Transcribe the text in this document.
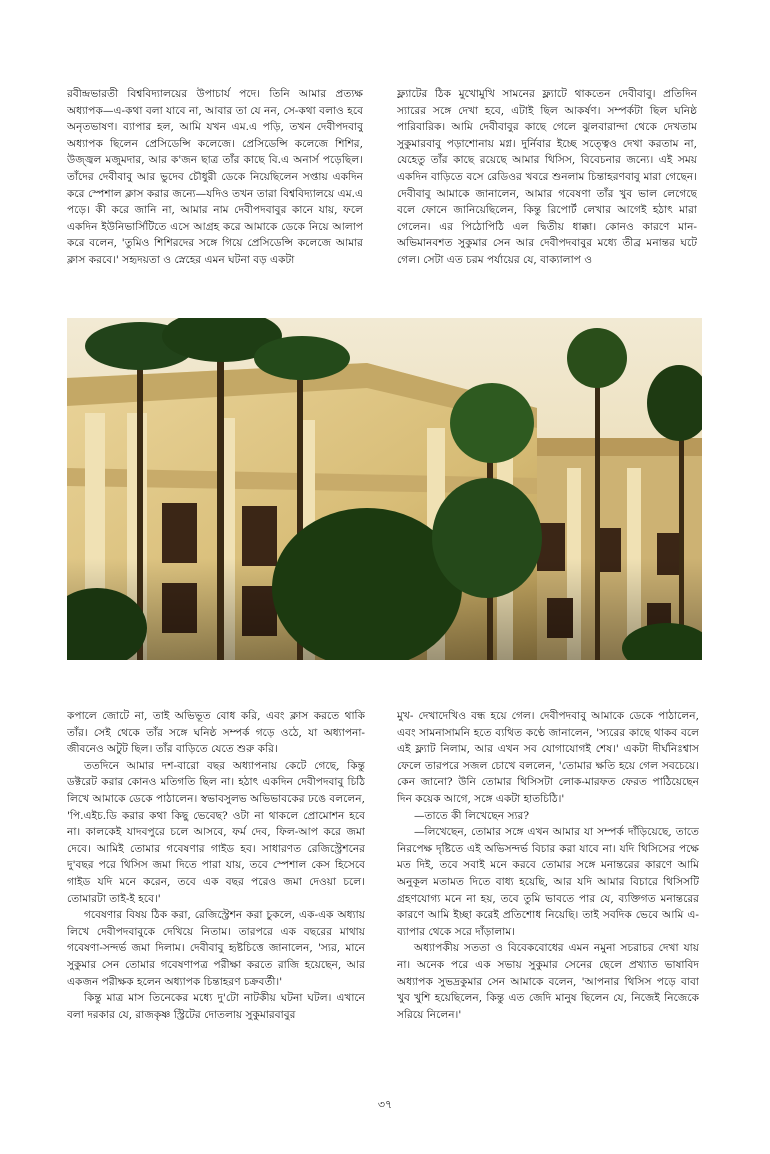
রবীন্দ্রভারতী বিশ্ববিদ্যালয়ের উপাচার্য পদে। তিনি আমার প্রত্যক্ষ অধ্যাপক—এ-কথা বলা যাবে না, আবার তা যে নন, সে-কথা বলাও হবে অনৃতভাষণ। ব্যাপার হল, আমি যখন এম.এ পড়ি, তখন দেবীপদবাবু অধ্যাপক ছিলেন প্রেসিডেন্সি কলেজে। প্রেসিডেন্সি কলেজে শিশির, উজ্জ্বল মজুমদার, আর ক'জন ছাত্র তাঁর কাছে বি.এ অনার্স পড়েছিল। তাঁদের দেবীবাবু আর ভুদেব চৌধুরী ডেকে নিয়েছিলেন সপ্তায় একদিন করে স্পেশাল ক্লাস করার জন্যে—যদিও তখন তারা বিশ্ববিদ্যালয়ে এম.এ পড়ে। কী করে জানি না, আমার নাম দেবীপদবাবুর কানে যায়, ফলে একদিন ইউনিভার্সিটিতে এসে আগ্রহ করে আমাকে ডেকে নিয়ে আলাপ করে বলেন, 'তুমিও শিশিরদের সঙ্গে গিয়ে প্রেসিডেন্সি কলেজে আমার ক্লাস করবে।' সহৃদয়তা ও স্নেহের এমন ঘটনা বড় একটা

ফ্ল্যাটের ঠিক মুখোমুখি সামনের ফ্ল্যাটে থাকতেন দেবীবাবু। প্রতিদিন স্যারের সঙ্গে দেখা হবে, এটাই ছিল আকর্ষণ। সম্পর্কটা ছিল ঘনিষ্ঠ পারিবারিক। আমি দেবীবাবুর কাছে গেলে ঝুলবারান্দা থেকে দেখতাম সুকুমারবাবু পড়াশোনায় মগ্ন। দুর্নিবার ইচ্ছে সত্ত্বেও দেখা করতাম না, যেহেতু তাঁর কাছে রয়েছে আমার থিসিস, বিবেচনার জন্যে। এই সময় একদিন বাড়িতে বসে রেডিওর খবরে শুনলাম চিন্তাহরণবাবু মারা গেছেন। দেবীবাবু আমাকে জানালেন, আমার গবেষণা তাঁর খুব ভাল লেগেছে বলে ফোনে জানিয়েছিলেন, কিন্তু রিপোর্ট লেখার আগেই হঠাৎ মারা গেলেন। এর পিঠোপিঠি এল দ্বিতীয় ধাক্কা। কোনও কারণে মান-অভিমানবশত সুকুমার সেন আর দেবীপদবাবুর মধ্যে তীব্র মনান্তর ঘটে গেল। সেটা এত চরম পর্যায়ের যে, বাক্যালাপ ও

কপালে জোটে না, তাই অভিভূত বোধ করি, এবং ক্লাস করতে থাকি তাঁর। সেই থেকে তাঁর সঙ্গে ঘনিষ্ঠ সম্পর্ক গড়ে ওঠে, যা অধ্যাপনা-জীবনেও অটুট ছিল। তাঁর বাড়িতে যেতে শুরু করি।

ততদিনে আমার দশ-বারো বছর অধ্যাপনায় কেটে গেছে, কিন্তু ডক্টরেট করার কোনও মতিগতি ছিল না। হঠাৎ একদিন দেবীপদবাবু চিঠি লিখে আমাকে ডেকে পাঠালেন। স্বভাবসুলভ অভিভাবকের ঢঙে বললেন, 'পি.এইচ.ডি করার কথা কিছু ভেবেছ? ওটা না থাকলে প্রোমোশন হবে না। কালকেই যাদবপুরে চলে আসবে, ফর্ম দেব, ফিল-আপ করে জমা দেবে। আমিই তোমার গবেষণার গাইড হব। সাধারণত রেজিস্ট্রেশনের দু'বছর পরে থিসিস জমা দিতে পারা যায়, তবে স্পেশাল কেস হিসেবে গাইড যদি মনে করেন, তবে এক বছর পরেও জমা দেওয়া চলে। তোমারটা তাই-ই হবে।'

গবেষণার বিষয় ঠিক করা, রেজিস্ট্রেশন করা চুকলে, এক-এক অধ্যায় লিখে দেবীপদবাবুকে দেখিয়ে নিতাম। তারপরে এক বছরের মাথায় গবেষণা-সন্দর্ভ জমা দিলাম। দেবীবাবু হৃষ্টচিত্তে জানালেন, 'স্যর, মানে সুকুমার সেন তোমার গবেষণাপত্র পরীক্ষা করতে রাজি হয়েছেন, আর একজন পরীক্ষক হলেন অধ্যাপক চিন্তাহরণ চক্রবর্তী।'

কিন্তু মাত্র মাস তিনেকের মধ্যে দু'টো নাটকীয় ঘটনা ঘটল। এখানে বলা দরকার যে, রাজকৃষ্ণ স্ট্রিটের দোতলায় সুকুমারবাবুর

মুখ- দেখাদেখিও বন্ধ হয়ে গেল। দেবীপদবাবু আমাকে ডেকে পাঠালেন, এবং সামনাসামনি হতে ব্যথিত কণ্ঠে জানালেন, 'স্যরের কাছে থাকব বলে এই ফ্ল্যাট নিলাম, আর এখন সব যোগাযোগই শেষ।' একটা দীর্ঘনিঃশ্বাস ফেলে তারপরে সজল চোখে বললেন, 'তোমার ক্ষতি হয়ে গেল সবচেয়ে। কেন জানো? উনি তোমার থিসিসটা লোক-মারফত ফেরত পাঠিয়েছেন দিন কয়েক আগে, সঙ্গে একটা হাতচিঠি।'

—তাতে কী লিখেছেন স্যর?

—লিখেছেন, তোমার সঙ্গে এখন আমার যা সম্পর্ক দাঁড়িয়েছে, তাতে নিরপেক্ষ দৃষ্টিতে এই অভিসন্দর্ভ বিচার করা যাবে না। যদি থিসিসের পক্ষে মত দিই, তবে সবাই মনে করবে তোমার সঙ্গে মনান্তরের কারণে আমি অনুকূল মতামত দিতে বাধ্য হয়েছি, আর যদি আমার বিচারে থিসিসটি গ্রহণযোগ্য মনে না হয়, তবে তুমি ভাবতে পার যে, ব্যক্তিগত মনান্তরের কারণে আমি ইচ্ছা করেই প্রতিশোধ নিয়েছি। তাই সবদিক ভেবে আমি এ-ব্যাপার থেকে সরে দাঁড়ালাম।

অধ্যাপকীয় সততা ও বিবেকবোধের এমন নমুনা সচরাচর দেখা যায় না। অনেক পরে এক সভায় সুকুমার সেনের ছেলে প্রখ্যাত ভাষাবিদ অধ্যাপক সুভদ্রকুমার সেন আমাকে বলেন, 'আপনার থিসিস পড়ে বাবা খুব খুশি হয়েছিলেন, কিন্তু এত জেদি মানুষ ছিলেন যে, নিজেই নিজেকে সরিয়ে নিলেন।'

৩৭
